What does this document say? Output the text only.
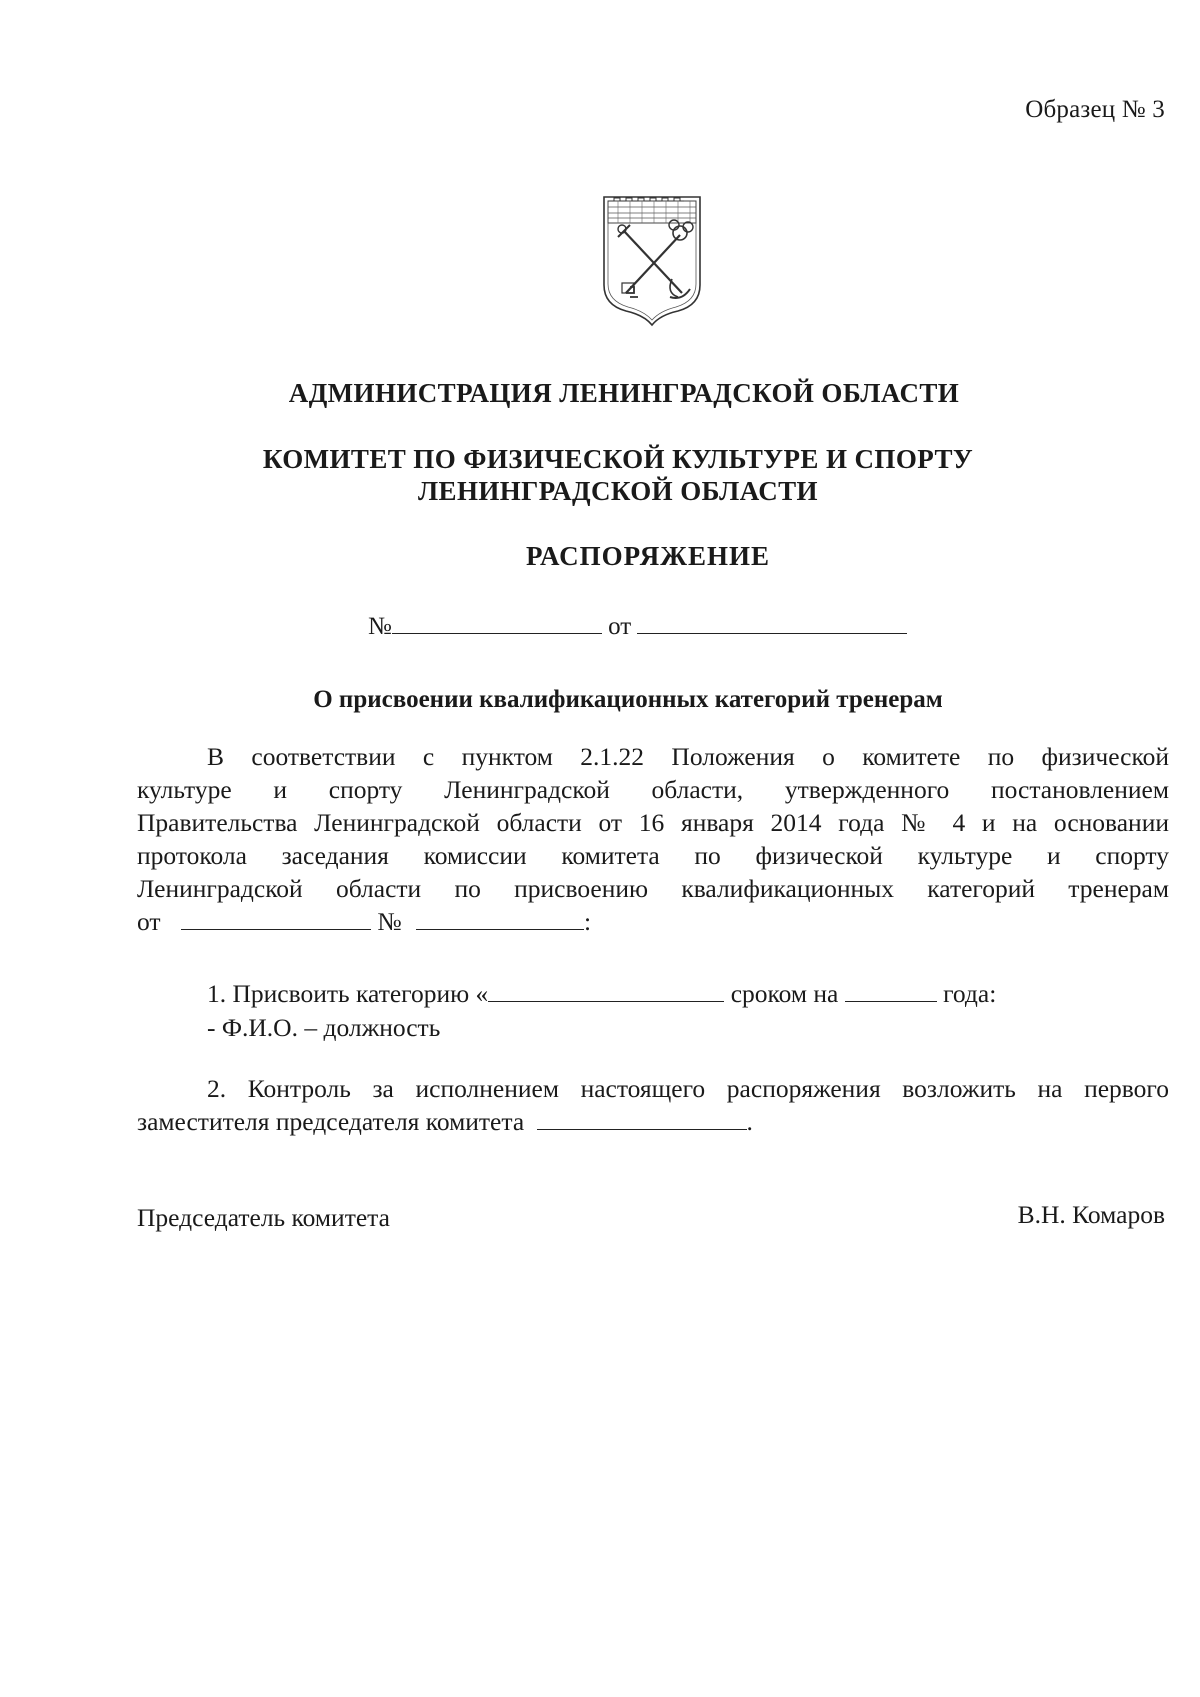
Образец № 3
АДМИНИСТРАЦИЯ ЛЕНИНГРАДСКОЙ ОБЛАСТИ
КОМИТЕТ ПО ФИЗИЧЕСКОЙ КУЛЬТУРЕ И СПОРТУ
ЛЕНИНГРАДСКОЙ ОБЛАСТИ
РАСПОРЯЖЕНИЕ
№	от
О присвоении квалификационных категорий тренерам
В соответствии с пунктом 2.1.22 Положения о комитете по физической
культуре и спорту Ленинградской области, утвержденного постановлением
Правительства Ленинградской области от 16 января 2014 года № 4 и на основании
протокола заседания комиссии комитета по физической культуре и спорту
Ленинградской области по присвоению квалификационных категорий тренерам
от	№	:
1. Присвоить категорию «	сроком на	года:
- Ф.И.О. – должность
2. Контроль за исполнением настоящего распоряжения возложить на первого
заместителя председателя комитета	.
Председатель комитета	В.Н. Комаров
